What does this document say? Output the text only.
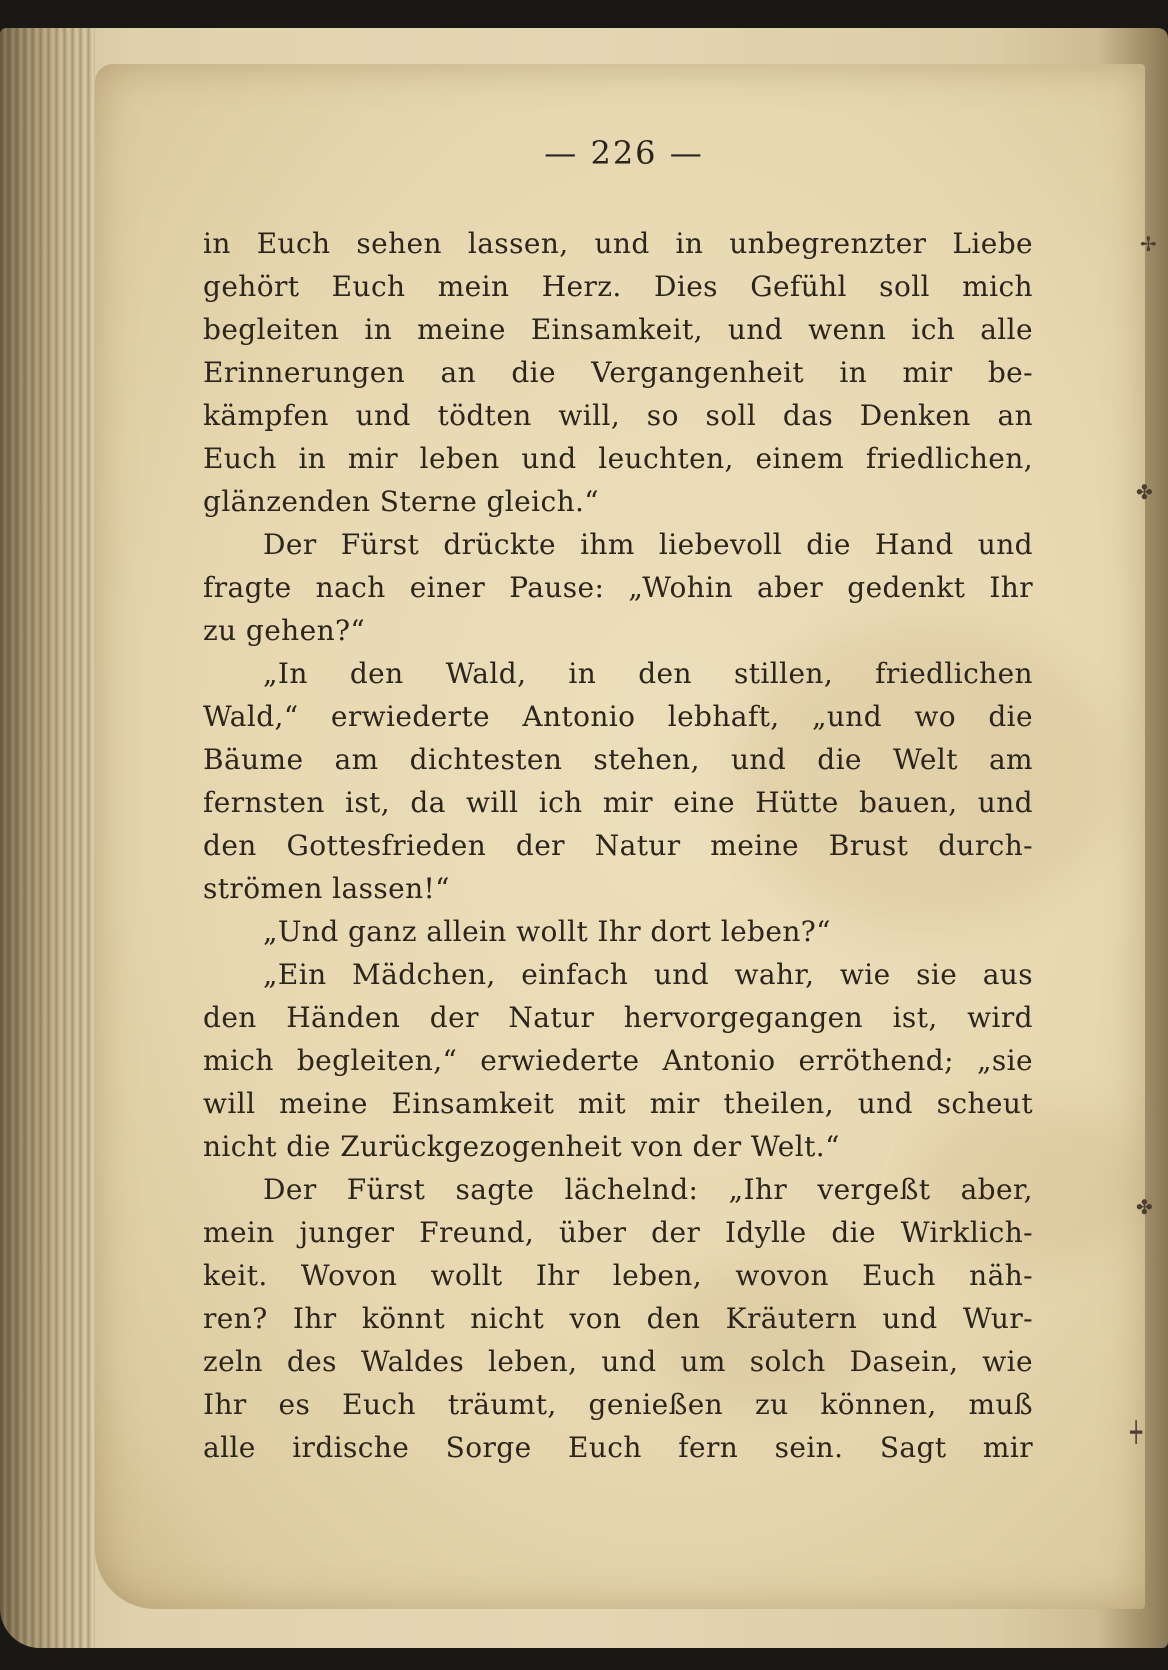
✢
✤
✤
┿
— 226 —
in Euch sehen lassen, und in unbegrenzter Liebe
gehört Euch mein Herz. Dies Gefühl soll mich
begleiten in meine Einsamkeit, und wenn ich alle
Erinnerungen an die Vergangenheit in mir be-
kämpfen und tödten will, so soll das Denken an
Euch in mir leben und leuchten, einem friedlichen,
glänzenden Sterne gleich.“
Der Fürst drückte ihm liebevoll die Hand und
fragte nach einer Pause: „Wohin aber gedenkt Ihr
zu gehen?“
„In den Wald, in den stillen, friedlichen
Wald,“ erwiederte Antonio lebhaft, „und wo die
Bäume am dichtesten stehen, und die Welt am
fernsten ist, da will ich mir eine Hütte bauen, und
den Gottesfrieden der Natur meine Brust durch-
strömen lassen!“
„Und ganz allein wollt Ihr dort leben?“
„Ein Mädchen, einfach und wahr, wie sie aus
den Händen der Natur hervorgegangen ist, wird
mich begleiten,“ erwiederte Antonio erröthend; „sie
will meine Einsamkeit mit mir theilen, und scheut
nicht die Zurückgezogenheit von der Welt.“
Der Fürst sagte lächelnd: „Ihr vergeßt aber,
mein junger Freund, über der Idylle die Wirklich-
keit. Wovon wollt Ihr leben, wovon Euch näh-
ren? Ihr könnt nicht von den Kräutern und Wur-
zeln des Waldes leben, und um solch Dasein, wie
Ihr es Euch träumt, genießen zu können, muß
alle irdische Sorge Euch fern sein. Sagt mir
